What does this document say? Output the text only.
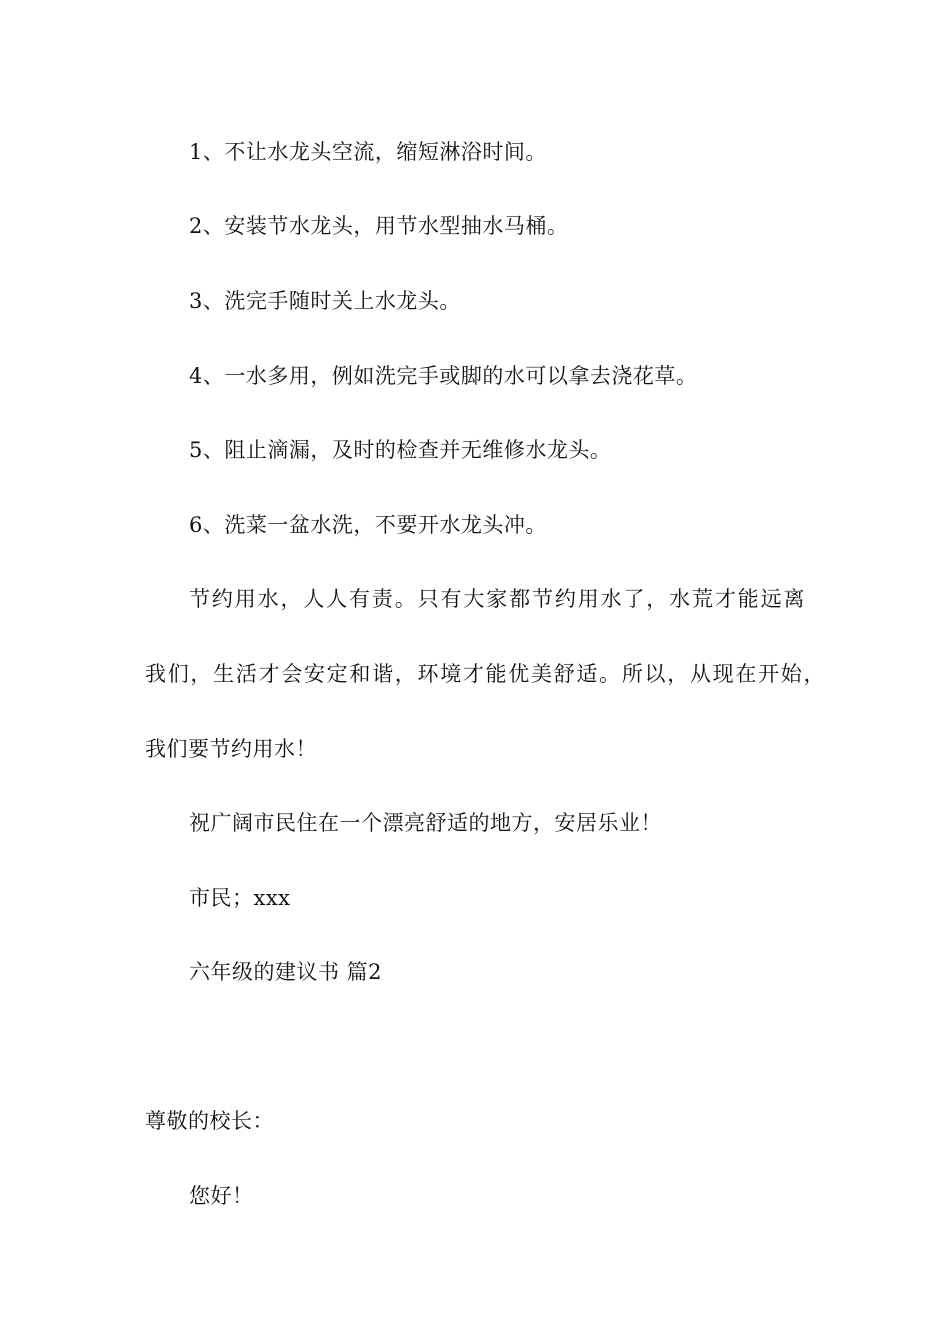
1、不让水龙头空流，缩短淋浴时间。
2、安装节水龙头，用节水型抽水马桶。
3、洗完手随时关上水龙头。
4、一水多用，例如洗完手或脚的水可以拿去浇花草。
5、阻止滴漏，及时的检查并无维修水龙头。
6、洗菜一盆水洗，不要开水龙头冲。
节约用水，人人有责。只有大家都节约用水了，水荒才能远离
我们，生活才会安定和谐，环境才能优美舒适。所以，从现在开始，
我们要节约用水！
祝广阔市民住在一个漂亮舒适的地方，安居乐业！
市民；xxx
六年级的建议书 篇2
尊敬的校长：
您好！
